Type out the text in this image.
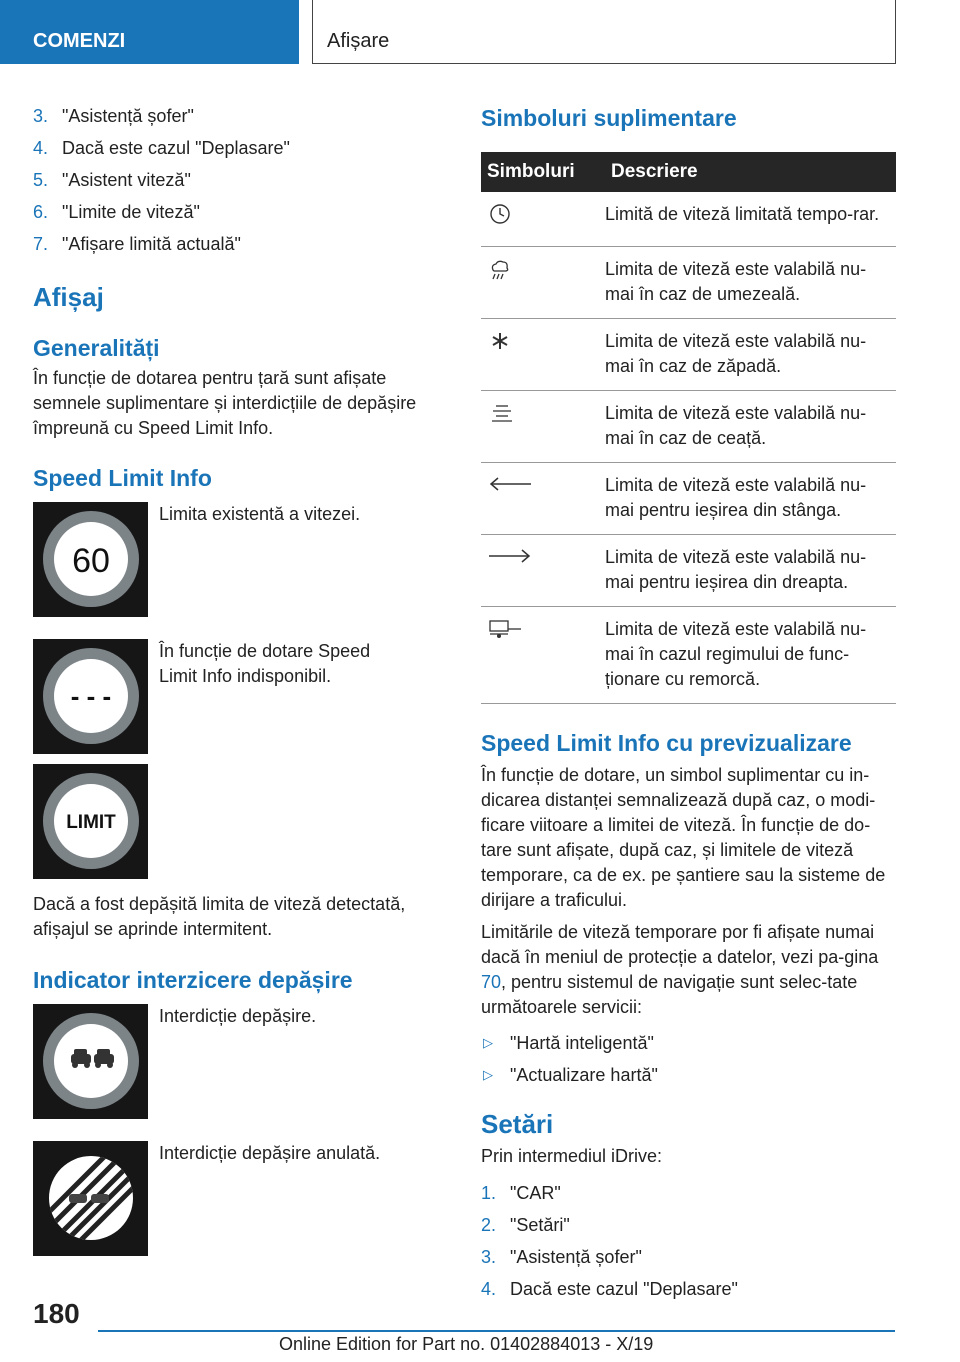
COMENZI	Afișare
3. "Asistență șofer"
4. Dacă este cazul "Deplasare"
5. "Asistent viteză"
6. "Limite de viteză"
7. "Afișare limită actuală"
Afișaj
Generalități

În funcție de dotarea pentru țară sunt afișate semnele suplimentare și interdicțiile de depășire împreună cu Speed Limit Info.

Speed Limit Info
60
Limita existentă a vitezei.
- - -
În funcție de dotare Speed Limit Info indisponibil.
LIMIT

Dacă a fost depășită limita de viteză detectată, afișajul se aprinde intermitent.

Indicator interzicere depășire
Interdicție depășire.
Interdicție depășire anulată.
Simboluri suplimentare
Simboluri	Descriere
	Limită de viteză limitată tempo-rar.
	Limita de viteză este valabilă nu-mai în caz de umezeală.
	Limita de viteză este valabilă nu-mai în caz de zăpadă.
	Limita de viteză este valabilă nu-mai în caz de ceață.
	Limita de viteză este valabilă nu-mai pentru ieșirea din stânga.
	Limita de viteză este valabilă nu-mai pentru ieșirea din dreapta.
	Limita de viteză este valabilă nu-mai în cazul regimului de func-ționare cu remorcă.
Speed Limit Info cu previzualizare

În funcție de dotare, un simbol suplimentar cu in-dicarea distanței semnalizează după caz, o modi-ficare viitoare a limitei de viteză. În funcție de do-tare sunt afișate, după caz, și limitele de viteză temporare, ca de ex. pe șantiere sau la sisteme de dirijare a traficului.

Limitările de viteză temporare por fi afișate numai dacă în meniul de protecție a datelor, vezi pa-gina 70, pentru sistemul de navigație sunt selec-tate următoarele servicii:

▷ "Hartă inteligentă"
▷ "Actualizare hartă"
Setări

Prin intermediul iDrive:

1. "CAR"
2. "Setări"
3. "Asistență șofer"
4. Dacă este cazul "Deplasare"
180
Online Edition for Part no. 01402884013 - X/19
